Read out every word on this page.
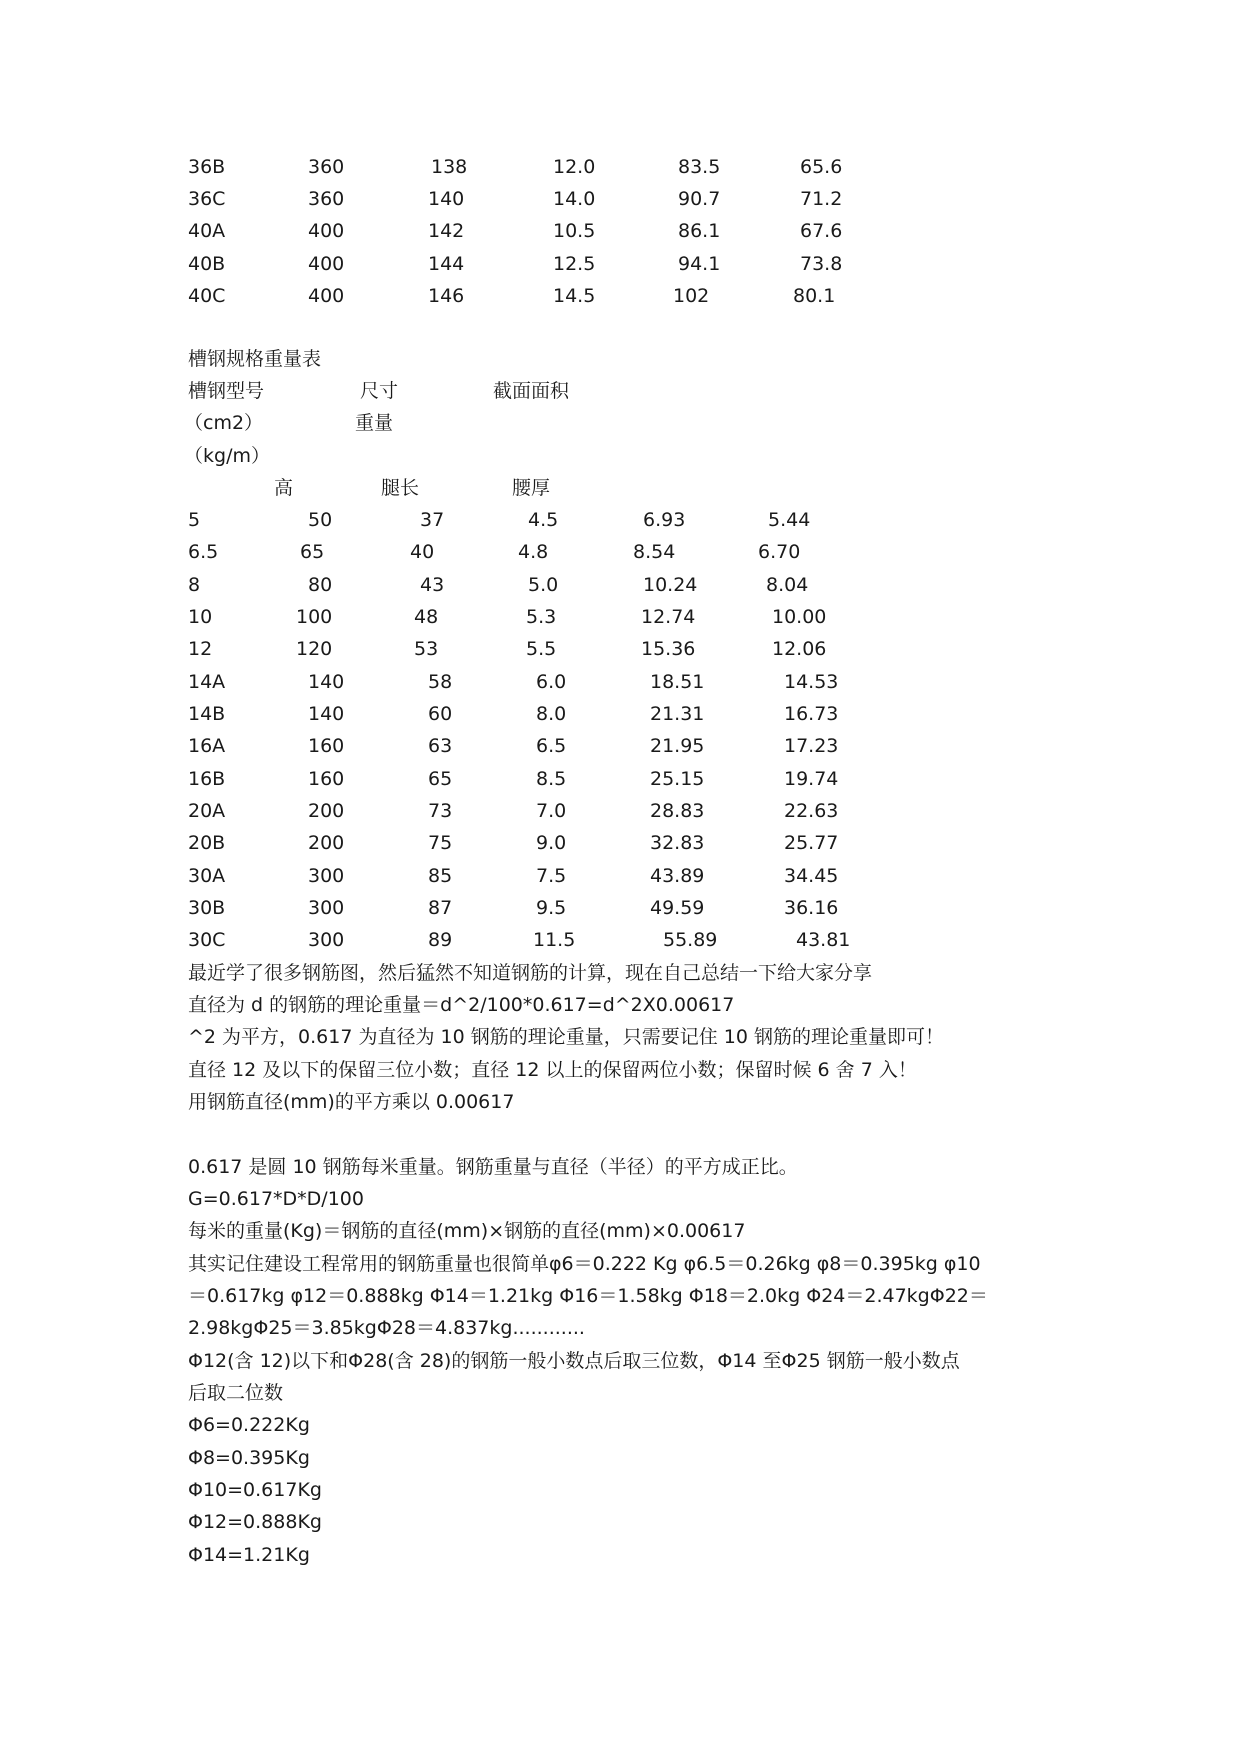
36B	360	138	12.0	83.5	65.6
36C	360	140	14.0	90.7	71.2
40A	400	142	10.5	86.1	67.6
40B	400	144	12.5	94.1	73.8
40C	400	146	14.5	102	80.1
槽钢规格重量表
槽钢型号	尺寸	截面面积
（cm2）	重量
（kg/m）
高	腿长	腰厚
5	50	37	4.5	6.93	5.44
6.5	65	40	4.8	8.54	6.70
8	80	43	5.0	10.24	8.04
10	100	48	5.3	12.74	10.00
12	120	53	5.5	15.36	12.06
14A	140	58	6.0	18.51	14.53
14B	140	60	8.0	21.31	16.73
16A	160	63	6.5	21.95	17.23
16B	160	65	8.5	25.15	19.74
20A	200	73	7.0	28.83	22.63
20B	200	75	9.0	32.83	25.77
30A	300	85	7.5	43.89	34.45
30B	300	87	9.5	49.59	36.16
30C	300	89	11.5	55.89	43.81
最近学了很多钢筋图，然后猛然不知道钢筋的计算，现在自己总结一下给大家分享
直径为 d 的钢筋的理论重量＝d^2/100*0.617=d^2X0.00617
^2 为平方，0.617 为直径为 10 钢筋的理论重量，只需要记住 10 钢筋的理论重量即可！
直径 12 及以下的保留三位小数；直径 12 以上的保留两位小数；保留时候 6 舍 7 入！
用钢筋直径(mm)的平方乘以 0.00617
0.617 是圆 10 钢筋每米重量。钢筋重量与直径（半径）的平方成正比。
G=0.617*D*D/100
每米的重量(Kg)＝钢筋的直径(mm)×钢筋的直径(mm)×0.00617
其实记住建设工程常用的钢筋重量也很简单φ6＝0.222 Kg φ6.5＝0.26kg φ8＝0.395kg φ10
＝0.617kg φ12＝0.888kg Φ14＝1.21kg Φ16＝1.58kg Φ18＝2.0kg Φ24＝2.47kgΦ22＝
2.98kgΦ25＝3.85kgΦ28＝4.837kg............
Φ12(含 12)以下和Φ28(含 28)的钢筋一般小数点后取三位数，Φ14 至Φ25 钢筋一般小数点
后取二位数
Φ6=0.222Kg
Φ8=0.395Kg
Φ10=0.617Kg
Φ12=0.888Kg
Φ14=1.21Kg
